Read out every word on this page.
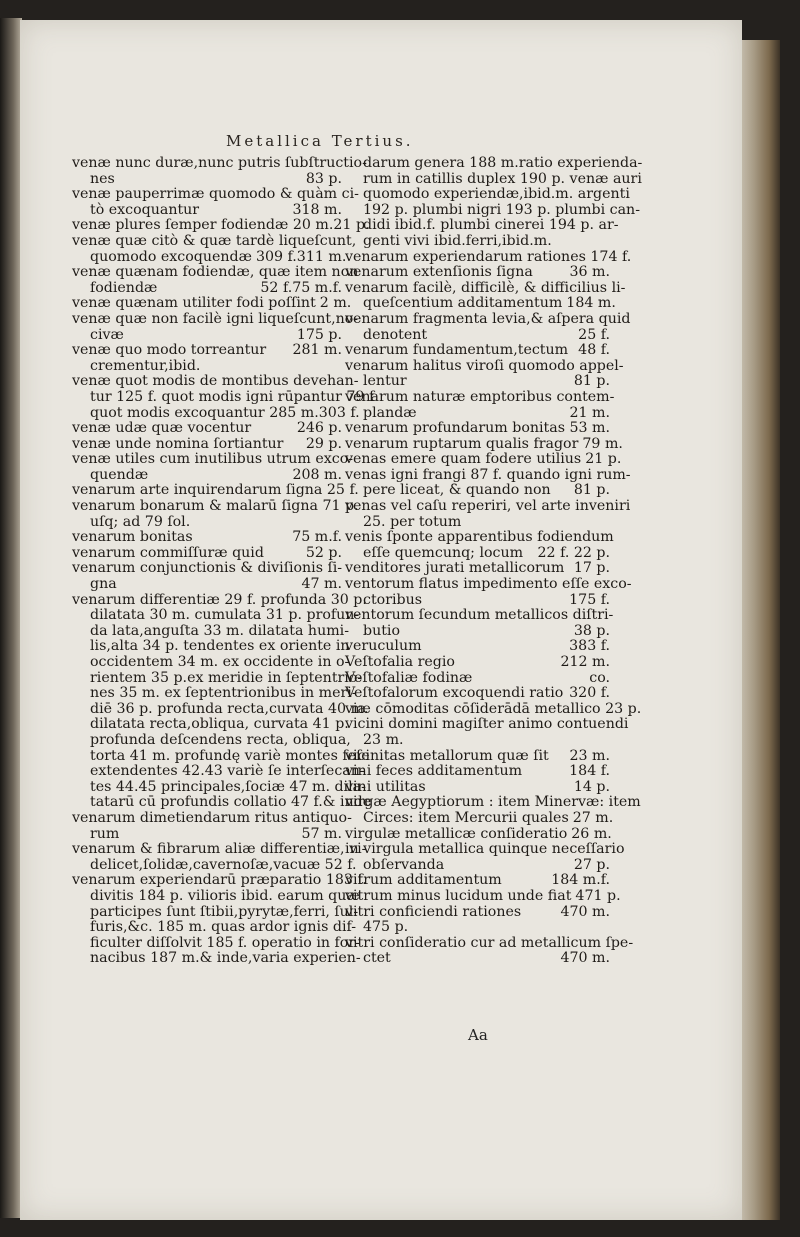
Metallica Tertius.
venæ nunc duræ,nunc putris ſubſtructio-
nes	83 p.
venæ pauperrimæ quomodo & quàm ci-
tò excoquantur	318 m.
venæ plures ſemper fodiendæ 20 m.21 p.
venæ quæ citò & quæ tardè liqueſcunt,
quomodo excoquendæ 309 f.311 m.
venæ quænam fodiendæ, quæ item non
fodiendæ	52 f.75 m.f.
venæ quænam utiliter fodi poſſint 2 m.
venæ quæ non facilè igni liqueſcunt,no-
civæ	175 p.
venæ quo modo torreantur 281 m.
crementur,ibid.
venæ quot modis de montibus devehan-
tur 125 f. quot modis igni rūpantur 79 f
quot modis excoquantur 285 m.303 f.
venæ udæ quæ vocentur	246 p.
venæ unde nomina ſortiantur 29 p.
venæ utiles cum inutilibus utrum exco-
quendæ	208 m.
venarum arte inquirendarum ſigna 25 f.
venarum bonarum & malarū ſigna 71 p.
uſq; ad 79 ſol.
venarum bonitas	75 m.f.
venarum commiſſuræ quid	52 p.
venarum conjunctionis & diviſionis ſi-
gna	47 m.
venarum differentiæ 29 f. profunda 30 p.
dilatata 30 m. cumulata 31 p. profun-
da lata,anguſta 33 m. dilatata humi-
lis,alta 34 p. tendentes ex oriente in
occidentem 34 m. ex occidente in o-
rientem 35 p.ex meridie in ſeptentrio-
nes 35 m. ex ſeptentrionibus in meri-
diē 36 p. profunda recta,curvata 40 m.
dilatata recta,obliqua, curvata 41 p.
profunda deſcendens recta, obliqua,
torta 41 m. profundę variè montes ſeſe
extendentes 42.43 variè ſe interſecan-
tes 44.45 principales,ſociæ 47 m. dila-
tatarū cū profundis collatio 47 f.& inde
venarum dimetiendarum ritus antiquo-
rum	57 m.
venarum & fibrarum aliæ differentiæ, vi-
delicet,ſolidæ,cavernoſæ,vacuæ 52 f.
venarum experiendarū præparatio 183 f.
divitis 184 p. vilioris ibid. earum quæ
participes ſunt ſtibii,pyrytæ,ferri, ſul-
furis,&c. 185 m. quas ardor ignis dif-
ficulter diſſolvit 185 f. operatio in for-
nacibus 187 m.& inde,varia experien-
darum genera 188 m.ratio experienda-
rum in catillis duplex 190 p. venæ auri
quomodo experiendæ,ibid.m. argenti
192 p. plumbi nigri 193 p. plumbi can-
didi ibid.f. plumbi cinerei 194 p. ar-
genti vivi ibid.ferri,ibid.m.
venarum experiendarum rationes 174 f.
venarum extenſionis ſigna	36 m.
venarum facilè, difficilè, & difficilius li-
queſcentium additamentum 184 m.
venarum fragmenta levia,& aſpera quid
denotent	25 f.
venarum fundamentum,tectum 48 f.
venarum halitus viroſi quomodo appel-
lentur	81 p.
venarum naturæ emptoribus contem-
plandæ	21 m.
venarum profundarum bonitas 53 m.
venarum ruptarum qualis fragor 79 m.
venas emere quam fodere utilius 21 p.
venas igni frangi 87 f. quando igni rum-
pere liceat, & quando non 81 p.
venas vel caſu reperiri, vel arte inveniri
25. per totum
venis ſponte apparentibus fodiendum
eſſe quemcunq; locum 22 f. 22 p.
venditores jurati metallicorum 17 p.
ventorum flatus impedimento eſſe exco-
ctoribus	175 f.
ventorum ſecundum metallicos diſtri-
butio	38 p.
veruculum	383 f.
Veſtofalia regio	212 m.
Veſtofaliæ fodinæ	co.
Veſtofalorum excoquendi ratio 320 f.
viæ cōmoditas cōſiderādā metallico 23 p.
vicini domini magiſter animo contuendi
23 m.
vicinitas metallorum quæ ſit 23 m.
vini feces additamentum	184 f.
vini utilitas	14 p.
virgæ Aegyptiorum : item Minervæ: item
Circes: item Mercurii quales 27 m.
virgulæ metallicæ conſideratio 26 m.
in virgula metallica quinque neceſſario
obſervanda	27 p.
vitrum additamentum	184 m.f.
vitrum minus lucidum unde fiat 471 p.
vitri conficiendi rationes	470 m.
475 p.
vitri conſideratio cur ad metallicum ſpe-
ctet	470 m.
Aa
